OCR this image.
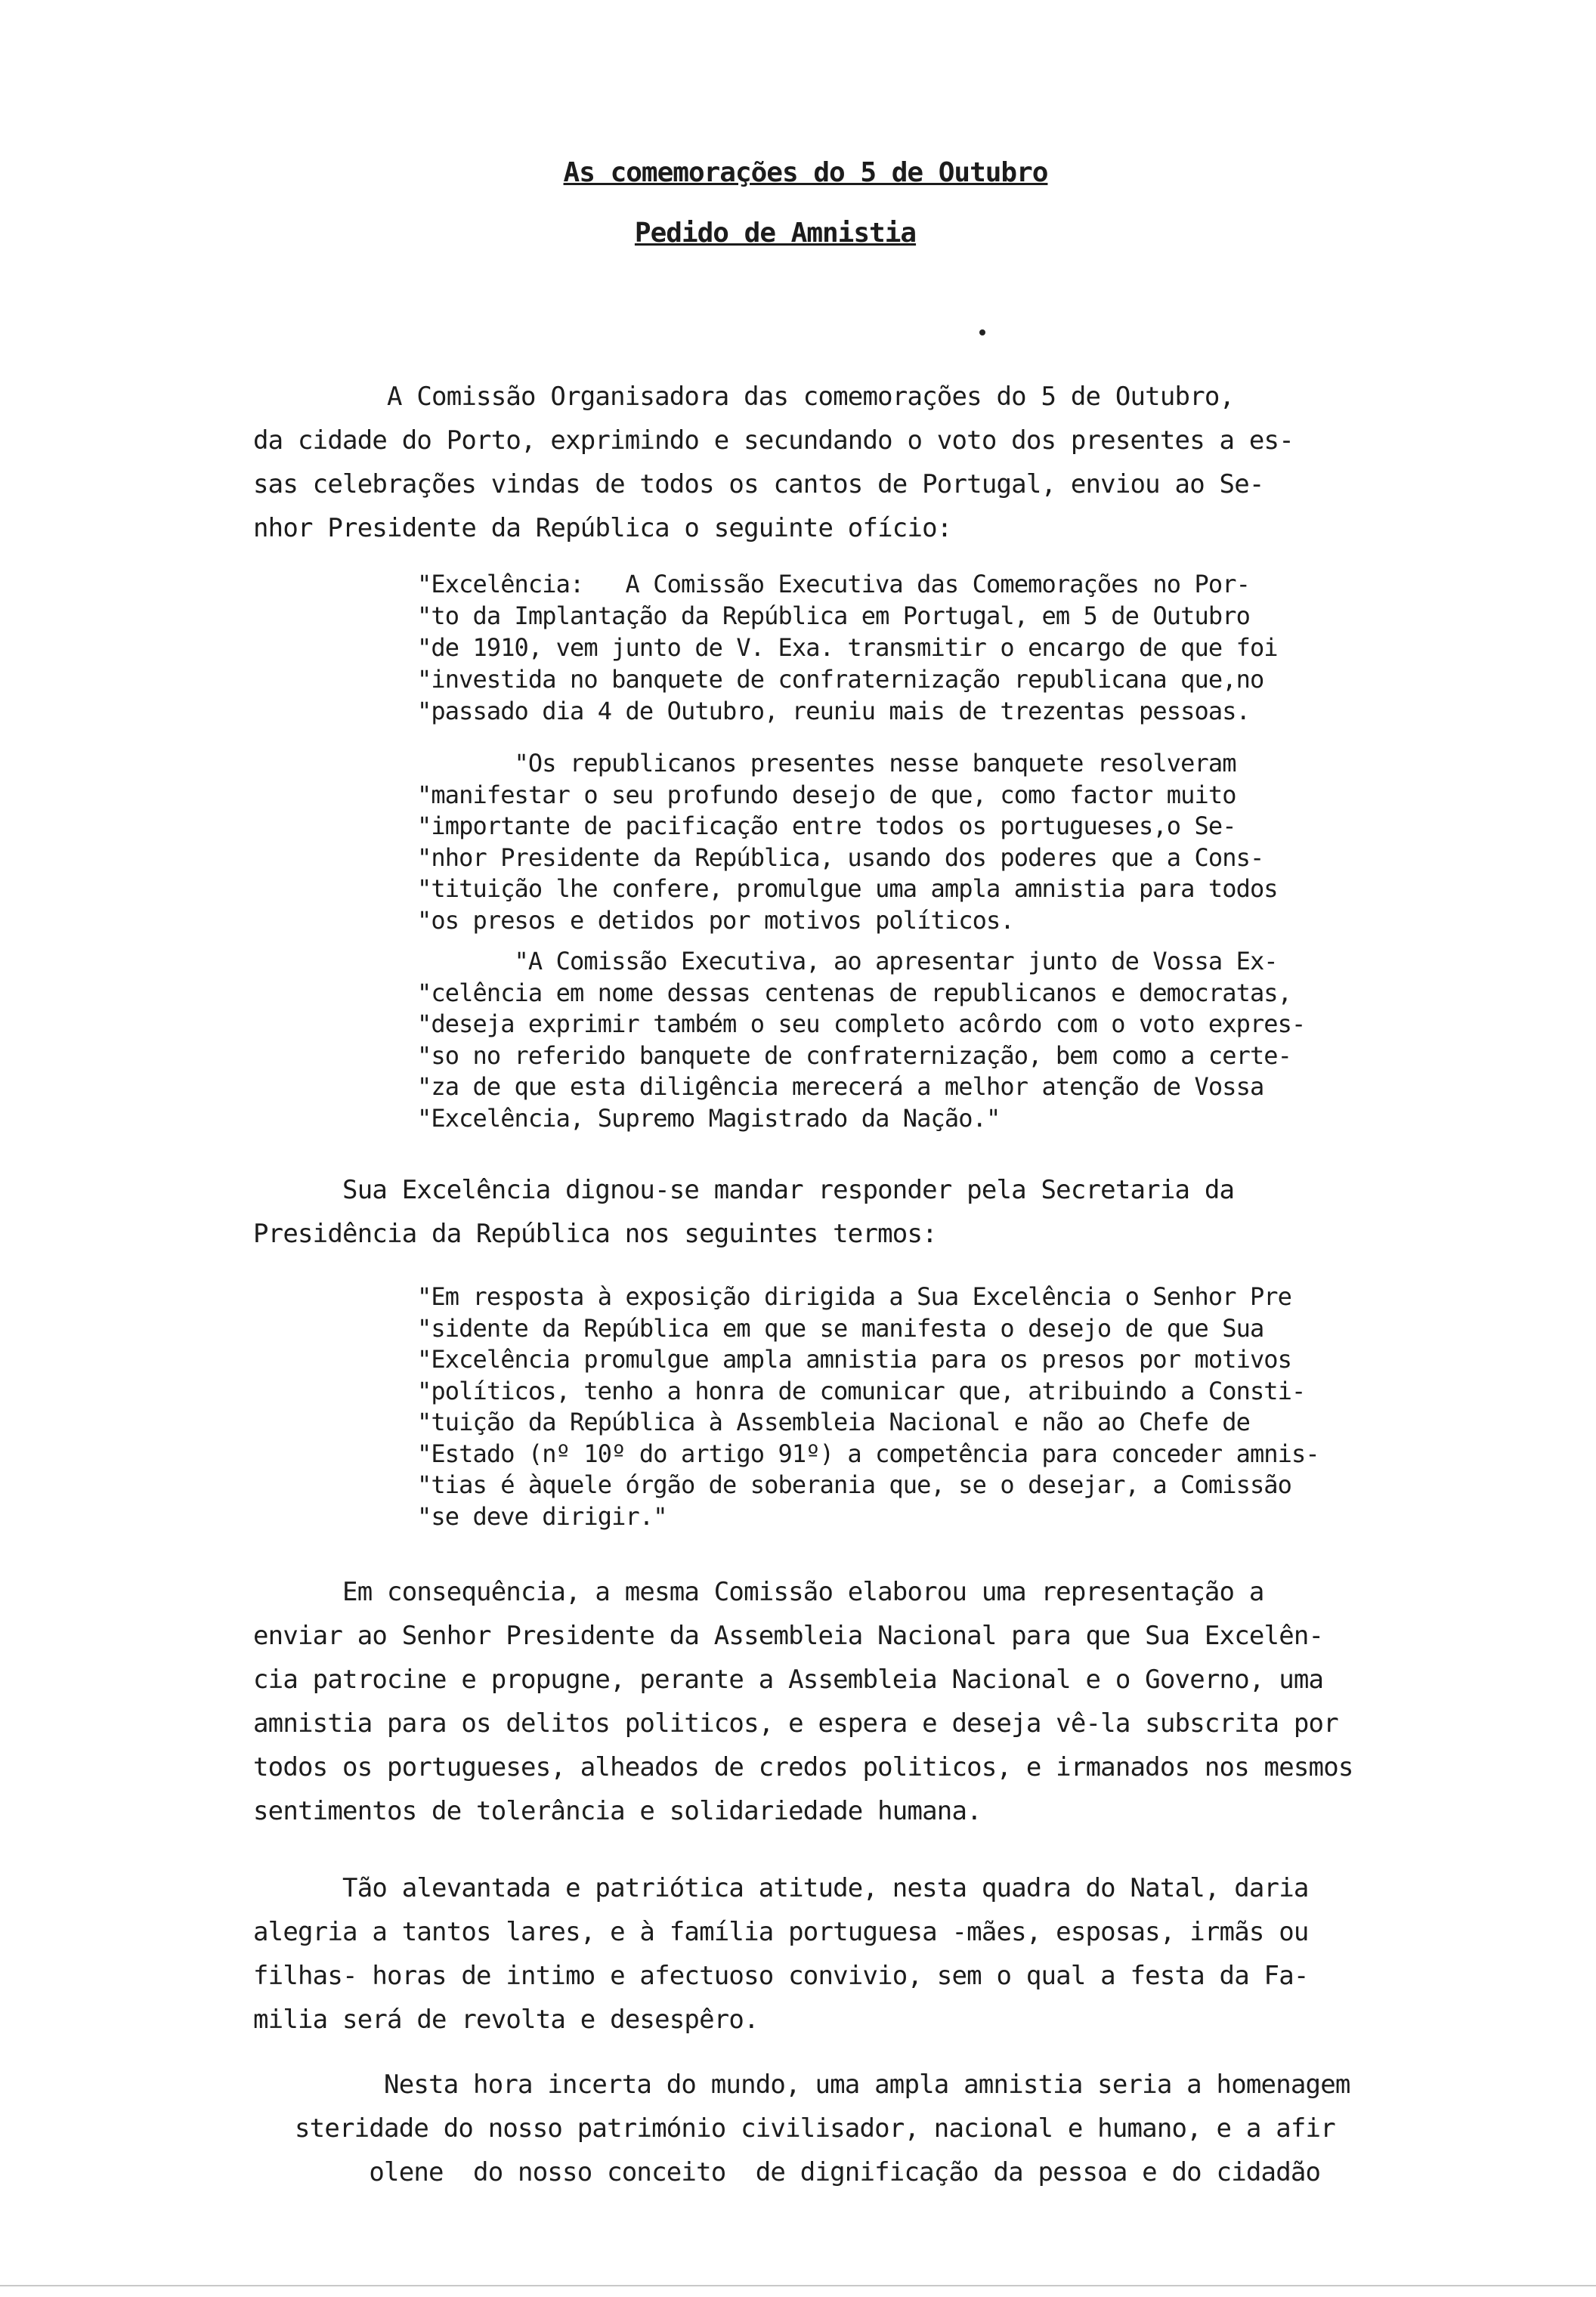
As comemorações do 5 de Outubro
Pedido de Amnistia
A Comissão Organisadora das comemorações do 5 de Outubro,
da cidade do Porto, exprimindo e secundando o voto dos presentes a es-
sas celebrações vindas de todos os cantos de Portugal, enviou ao Se-
nhor Presidente da República o seguinte ofício:
"Excelência:   A Comissão Executiva das Comemorações no Por-
"to da Implantação da República em Portugal, em 5 de Outubro
"de 1910, vem junto de V. Exa. transmitir o encargo de que foi
"investida no banquete de confraternização republicana que,no
"passado dia 4 de Outubro, reuniu mais de trezentas pessoas.
"Os republicanos presentes nesse banquete resolveram
"manifestar o seu profundo desejo de que, como factor muito
"importante de pacificação entre todos os portugueses,o Se-
"nhor Presidente da República, usando dos poderes que a Cons-
"tituição lhe confere, promulgue uma ampla amnistia para todos
"os presos e detidos por motivos políticos.
"A Comissão Executiva, ao apresentar junto de Vossa Ex-
"celência em nome dessas centenas de republicanos e democratas,
"deseja exprimir também o seu completo acôrdo com o voto expres-
"so no referido banquete de confraternização, bem como a certe-
"za de que esta diligência merecerá a melhor atenção de Vossa
"Excelência, Supremo Magistrado da Nação."
Sua Excelência dignou-se mandar responder pela Secretaria da
Presidência da República nos seguintes termos:
"Em resposta à exposição dirigida a Sua Excelência o Senhor Pre
"sidente da República em que se manifesta o desejo de que Sua
"Excelência promulgue ampla amnistia para os presos por motivos
"políticos, tenho a honra de comunicar que, atribuindo a Consti-
"tuição da República à Assembleia Nacional e não ao Chefe de
"Estado (nº 10º do artigo 91º) a competência para conceder amnis-
"tias é àquele órgão de soberania que, se o desejar, a Comissão
"se deve dirigir."
Em consequência, a mesma Comissão elaborou uma representação a
enviar ao Senhor Presidente da Assembleia Nacional para que Sua Excelên-
cia patrocine e propugne, perante a Assembleia Nacional e o Governo, uma
amnistia para os delitos politicos, e espera e deseja vê-la subscrita por
todos os portugueses, alheados de credos politicos, e irmanados nos mesmos
sentimentos de tolerância e solidariedade humana.
Tão alevantada e patriótica atitude, nesta quadra do Natal, daria
alegria a tantos lares, e à família portuguesa -mães, esposas, irmãs ou
filhas- horas de intimo e afectuoso convivio, sem o qual a festa da Fa-
milia será de revolta e desespêro.
Nesta hora incerta do mundo, uma ampla amnistia seria a homenagem
steridade do nosso património civilisador, nacional e humano, e a afir
olene  do nosso conceito  de dignificação da pessoa e do cidadão
